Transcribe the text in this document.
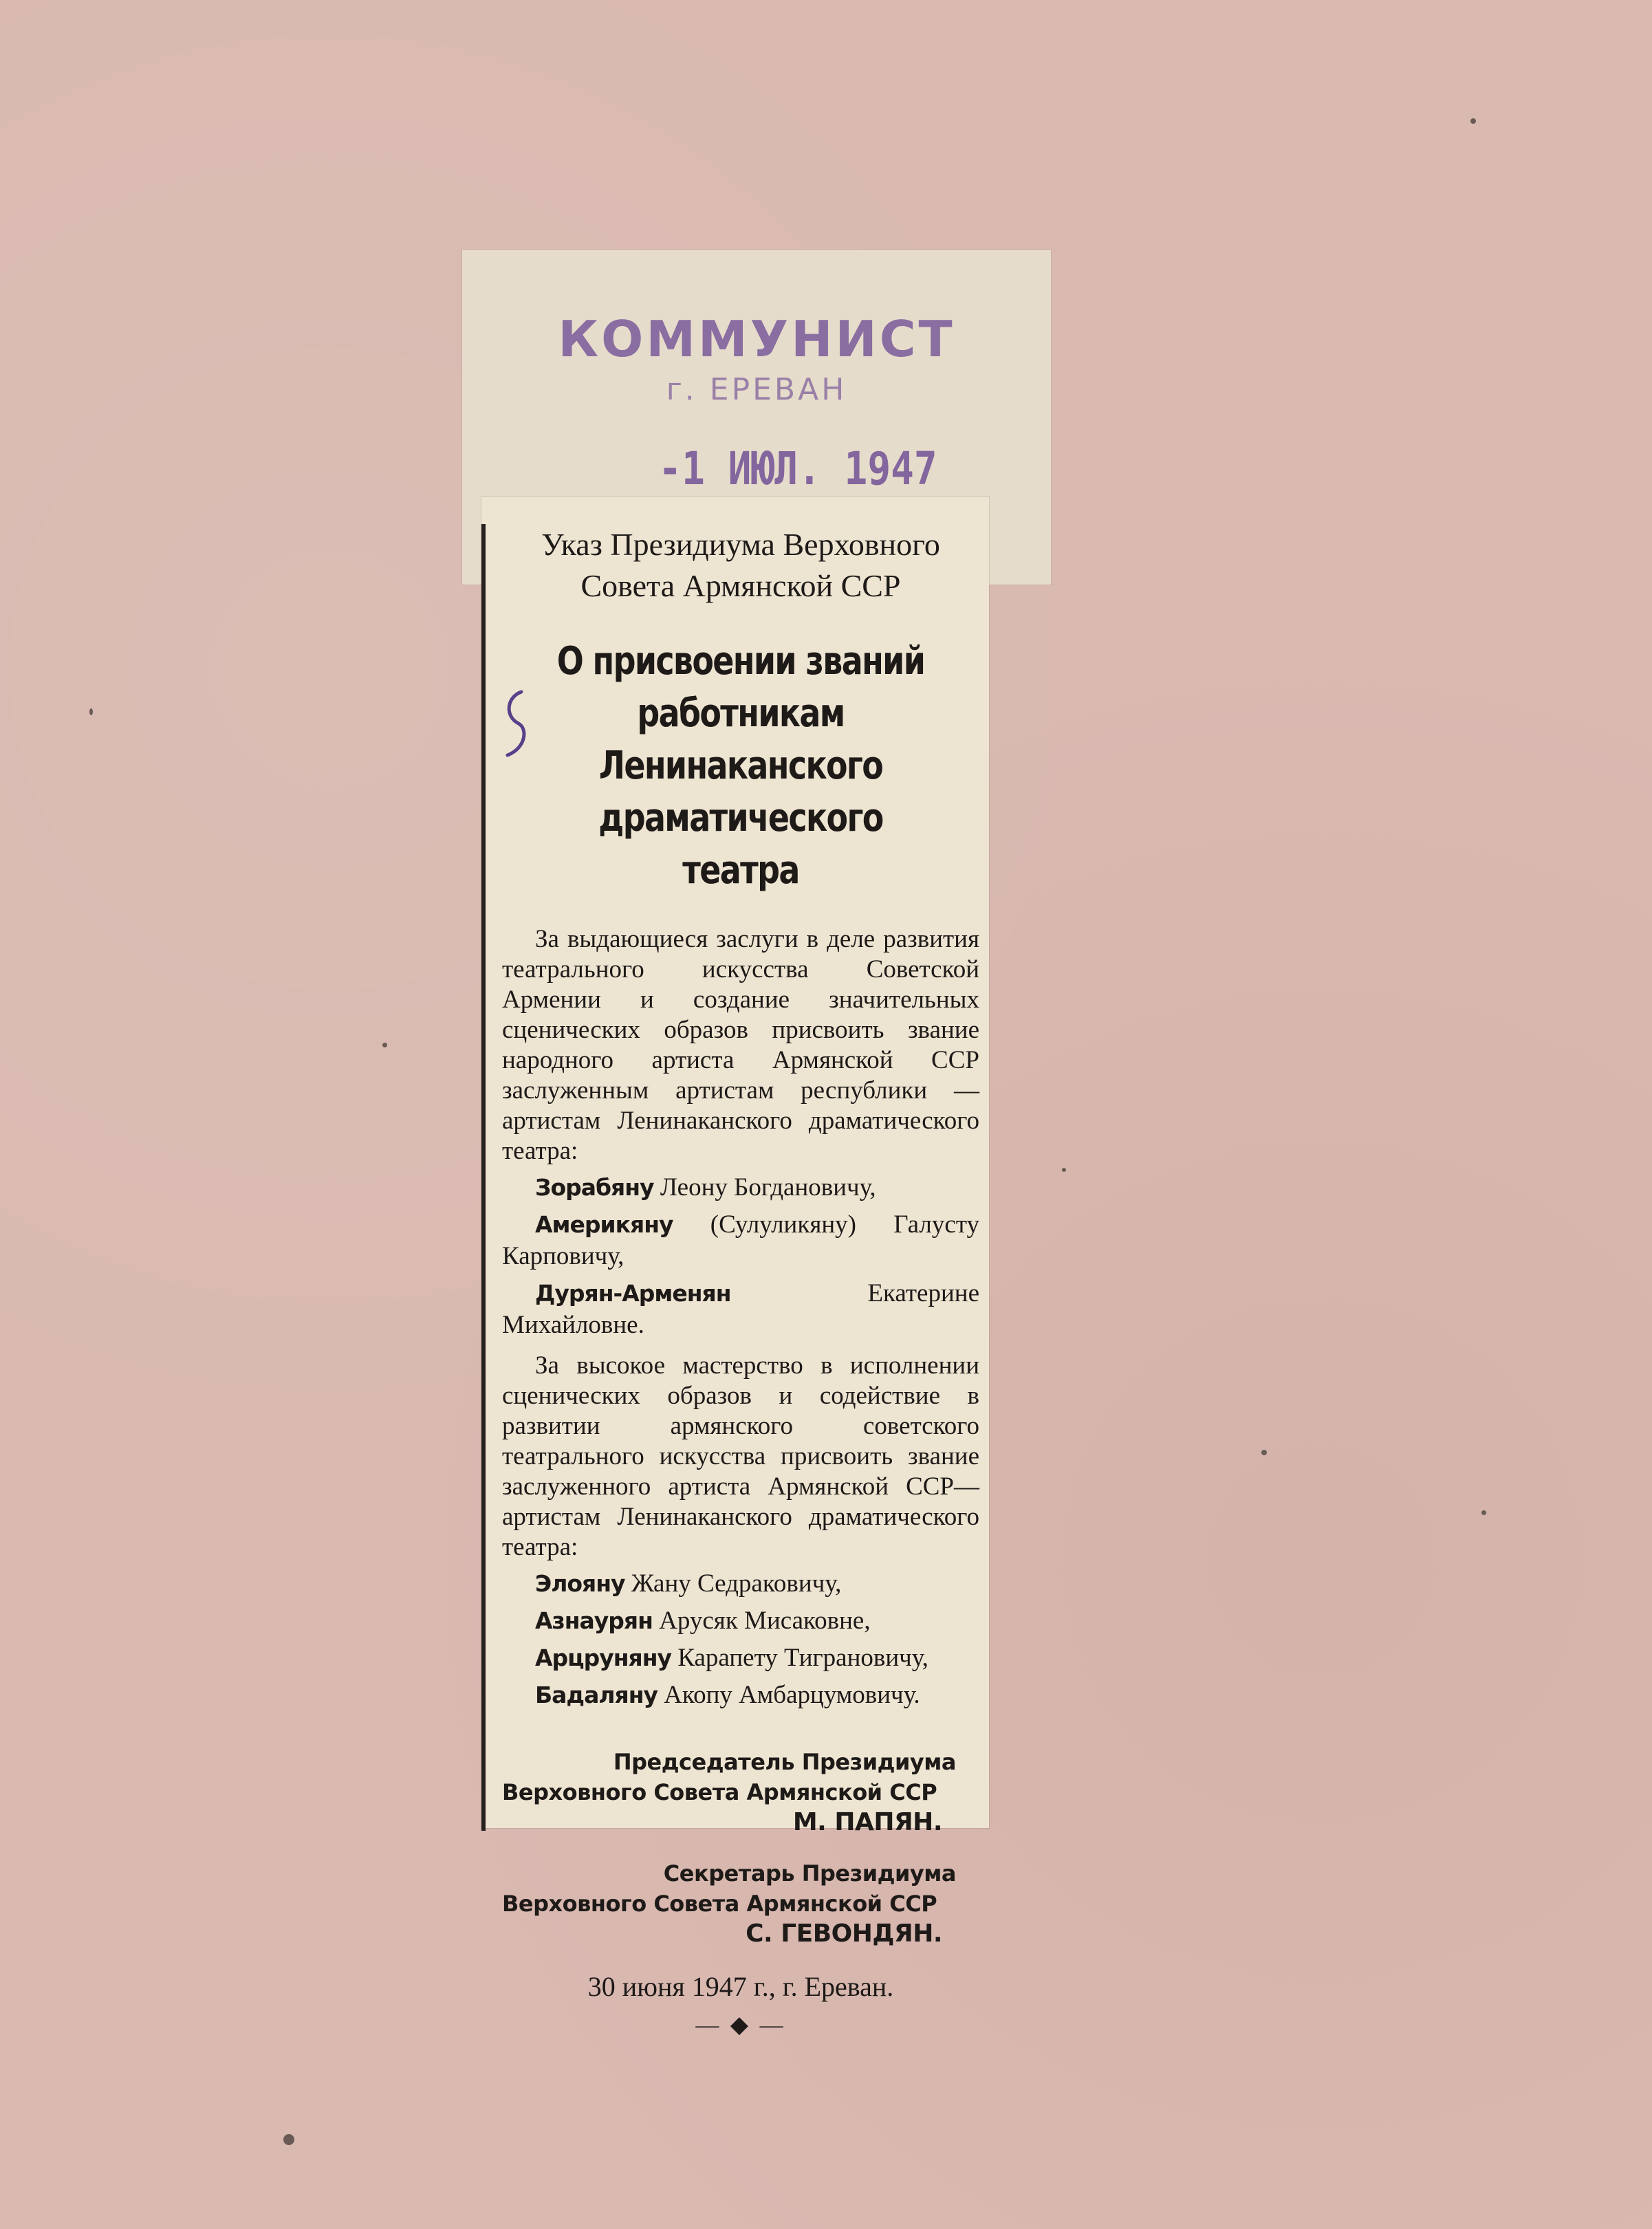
КОММУНИСТ
г. ЕРЕВАН
-1 ИЮЛ. 1947
Указ Президиума Верховного
Совета Армянской ССР
О присвоении званий
работникам Ленинаканского
драматического театра

За выдающиеся заслуги в деле развития театрального искусства Советской Армении и создание значительных сценических образов присвоить звание народного артиста Армянской ССР заслуженным артистам республики — артистам Ленинаканского драматического театра:

Зорабяну Леону Богдановичу,
Америкяну (Сулуликяну) Галусту Карповичу,
Дурян-Арменян	Екатерине Михайловне.

За высокое мастерство в исполнении сценических образов и содействие в развитии армянского советского театрального искусства присвоить звание заслуженного артиста Армянской ССР—артистам Ленинаканского драматического театра:

Элояну Жану Седраковичу,
Азнаурян Арусяк Мисаковне,
Арцруняну Карапету Тиграновичу,
Бадаляну Акопу Амбарцумовичу.
Председатель Президиума
Верховного Совета Армянской ССР
М. ПАПЯН.
Секретарь Президиума
Верховного Совета Армянской ССР
С. ГЕВОНДЯН.
30 июня 1947 г., г. Ереван.
— ◆ —
